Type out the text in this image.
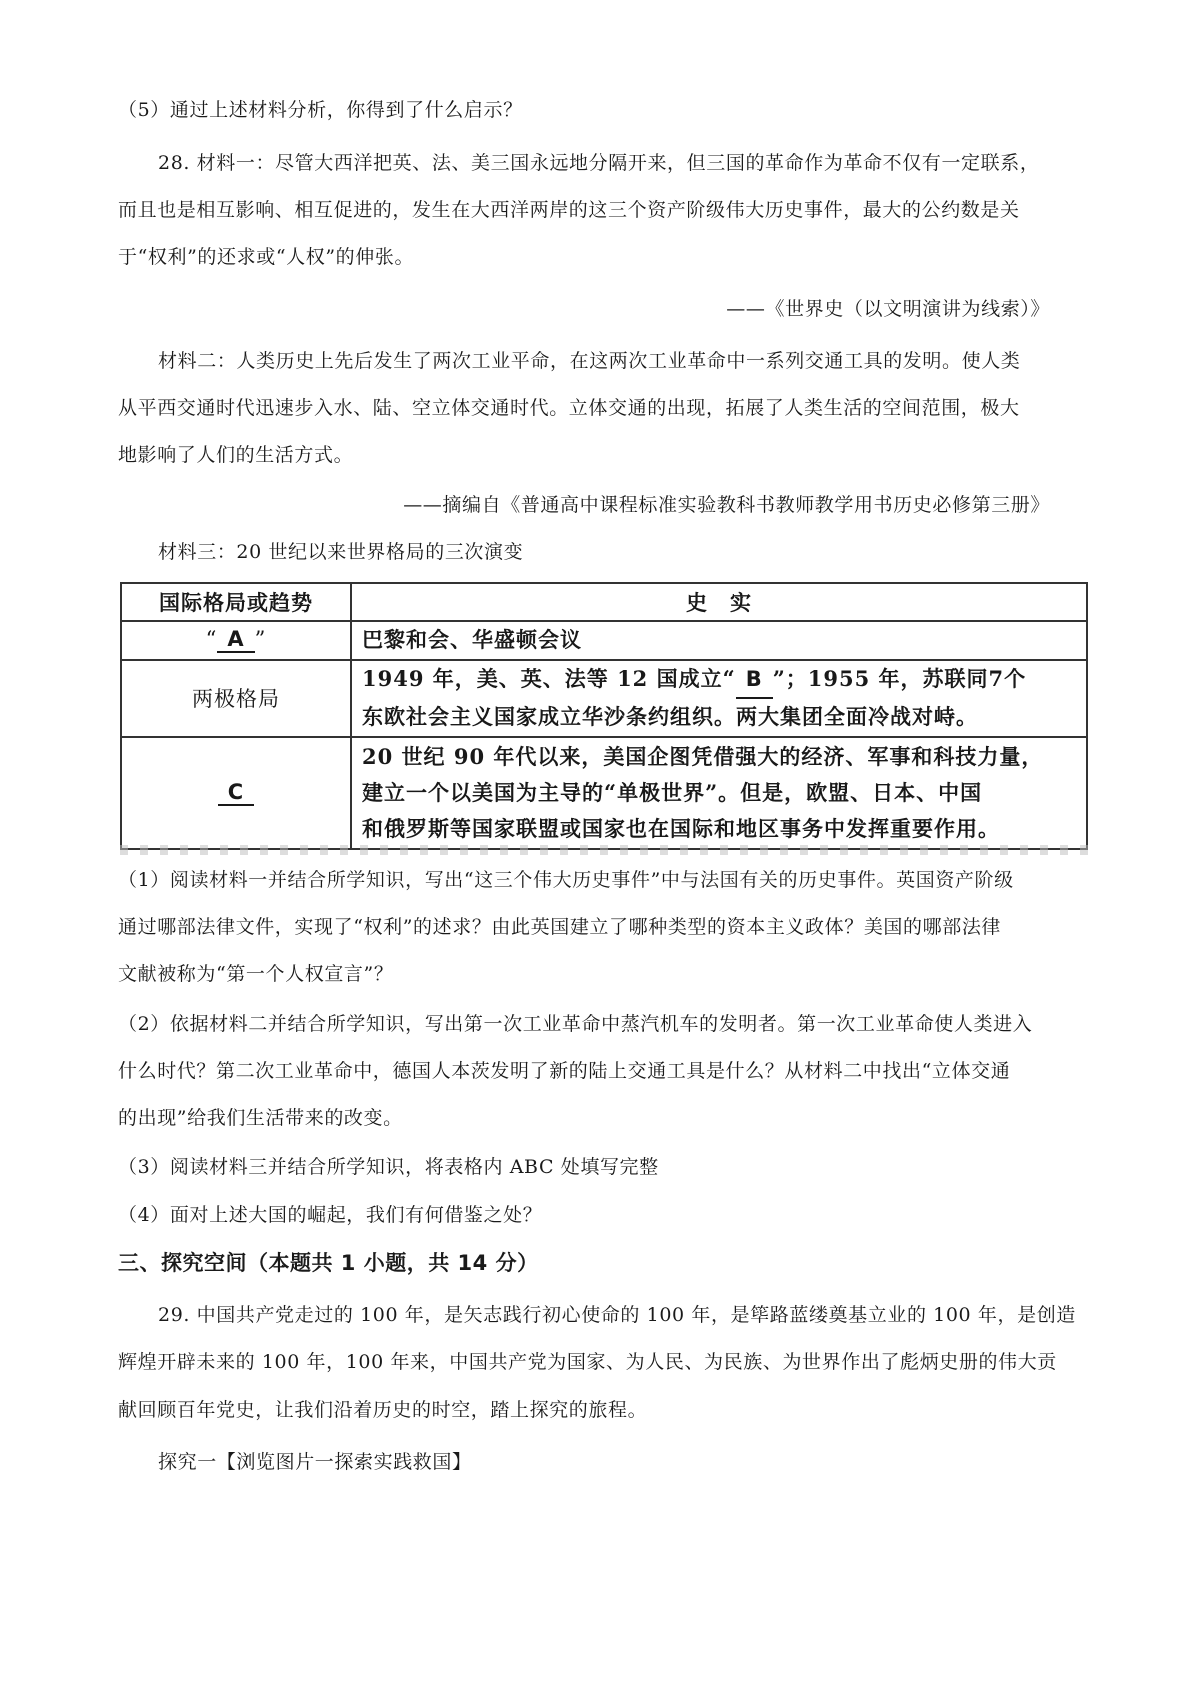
（5）通过上述材料分析，你得到了什么启示？
28. 材料一：尽管大西洋把英、法、美三国永远地分隔开来，但三国的革命作为革命不仅有一定联系，
而且也是相互影响、相互促进的，发生在大西洋两岸的这三个资产阶级伟大历史事件，最大的公约数是关
于“权利”的还求或“人权”的伸张。
——《世界史（以文明演讲为线索）》
材料二：人类历史上先后发生了两次工业平命，在这两次工业革命中一系列交通工具的发明。使人类
从平西交通时代迅速步入水、陆、空立体交通时代。立体交通的出现，拓展了人类生活的空间范围，极大
地影响了人们的生活方式。
——摘编自《普通高中课程标准实验教科书教师教学用书历史必修第三册》
材料三：20 世纪以来世界格局的三次演变
国际格局或趋势	史　实
“ A ”	巴黎和会、华盛顿会议
两极格局	1949 年，美、英、法等 12 国成立“ B ”；1955 年，苏联同7个
东欧社会主义国家成立华沙条约组织。两大集团全面冷战对峙。

C	20 世纪 90 年代以来，美国企图凭借强大的经济、军事和科技力量，
建立一个以美国为主导的“单极世界”。但是，欧盟、日本、中国
和俄罗斯等国家联盟或国家也在国际和地区事务中发挥重要作用。
（1）阅读材料一并结合所学知识，写出“这三个伟大历史事件”中与法国有关的历史事件。英国资产阶级
通过哪部法律文件，实现了“权利”的述求？由此英国建立了哪种类型的资本主义政体？美国的哪部法律
文献被称为“第一个人权宣言”？
（2）依据材料二并结合所学知识，写出第一次工业革命中蒸汽机车的发明者。第一次工业革命使人类进入
什么时代？第二次工业革命中，德国人本茨发明了新的陆上交通工具是什么？从材料二中找出“立体交通
的出现”给我们生活带来的改变。
（3）阅读材料三并结合所学知识，将表格内 ABC 处填写完整
（4）面对上述大国的崛起，我们有何借鉴之处？
三、探究空间（本题共 1 小题，共 14 分）
29. 中国共产党走过的 100 年，是矢志践行初心使命的 100 年，是筚路蓝缕奠基立业的 100 年，是创造
辉煌开辟未来的 100 年，100 年来，中国共产党为国家、为人民、为民族、为世界作出了彪炳史册的伟大贡
献回顾百年党史，让我们沿着历史的时空，踏上探究的旅程。
探究一【浏览图片一探索实践救国】
